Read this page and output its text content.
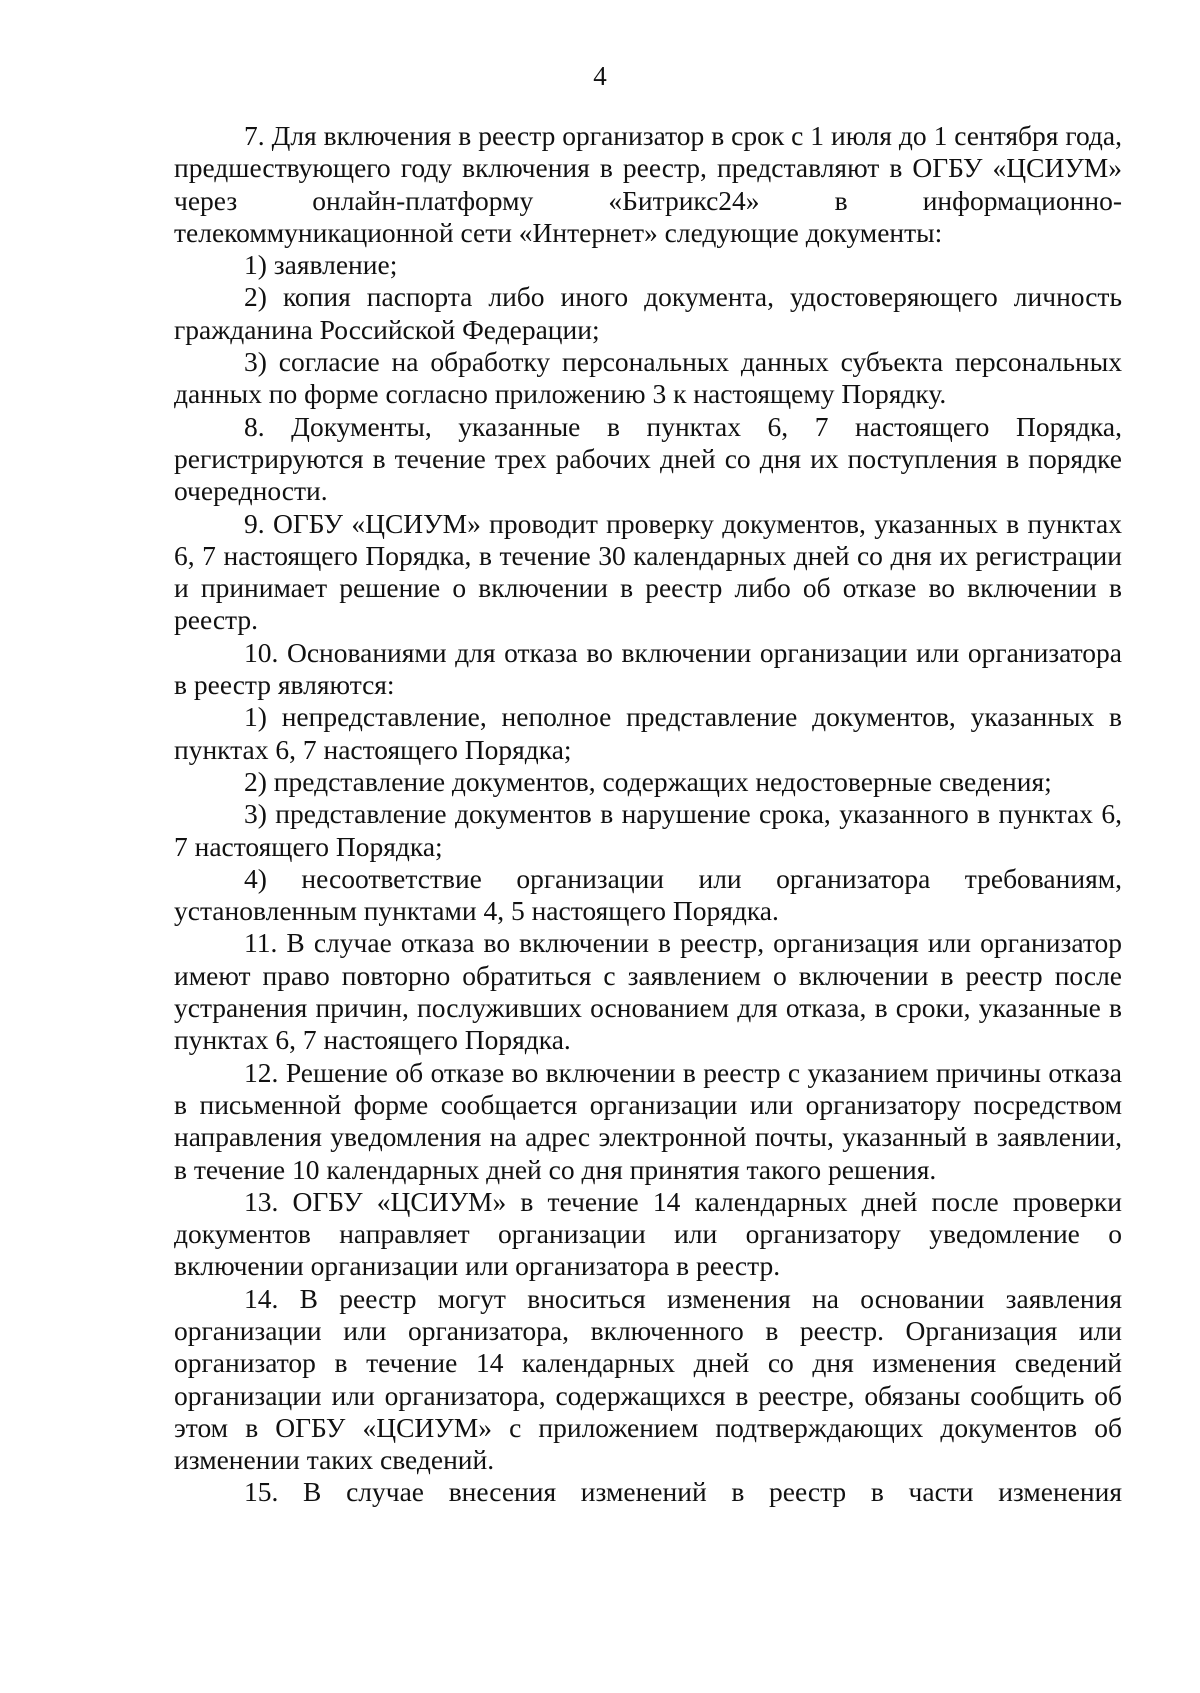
4

7. Для включения в реестр организатор в срок с 1 июля до 1 сентября года, предшествующего году включения в реестр, представляют в ОГБУ «ЦСИУМ» через онлайн-платформу «Битрикс24» в информационно-телекоммуникационной сети «Интернет» следующие документы:

1) заявление;

2) копия паспорта либо иного документа, удостоверяющего личность гражданина Российской Федерации;

3) согласие на обработку персональных данных субъекта персональных данных по форме согласно приложению 3 к настоящему Порядку.

8. Документы, указанные в пунктах 6, 7 настоящего Порядка, регистрируются в течение трех рабочих дней со дня их поступления в порядке очередности.

9. ОГБУ «ЦСИУМ» проводит проверку документов, указанных в пунктах 6, 7 настоящего Порядка, в течение 30 календарных дней со дня их регистрации и принимает решение о включении в реестр либо об отказе во включении в реестр.

10. Основаниями для отказа во включении организации или организатора в реестр являются:

1) непредставление, неполное представление документов, указанных в пунктах 6, 7 настоящего Порядка;

2) представление документов, содержащих недостоверные сведения;

3) представление документов в нарушение срока, указанного в пунктах 6, 7 настоящего Порядка;

4) несоответствие организации или организатора требованиям, установленным пунктами 4, 5 настоящего Порядка.

11. В случае отказа во включении в реестр, организация или организатор имеют право повторно обратиться с заявлением о включении в реестр после устранения причин, послуживших основанием для отказа, в сроки, указанные в пунктах 6, 7 настоящего Порядка.

12. Решение об отказе во включении в реестр с указанием причины отказа в письменной форме сообщается организации или организатору посредством направления уведомления на адрес электронной почты, указанный в заявлении, в течение 10 календарных дней со дня принятия такого решения.

13. ОГБУ «ЦСИУМ» в течение 14 календарных дней после проверки документов направляет организации или организатору уведомление о включении организации или организатора в реестр.

14. В реестр могут вноситься изменения на основании заявления организации или организатора, включенного в реестр. Организация или организатор в течение 14 календарных дней со дня изменения сведений организации или организатора, содержащихся в реестре, обязаны сообщить об этом в ОГБУ «ЦСИУМ» с приложением подтверждающих документов об изменении таких сведений.

15. В случае внесения изменений в реестр в части изменения
